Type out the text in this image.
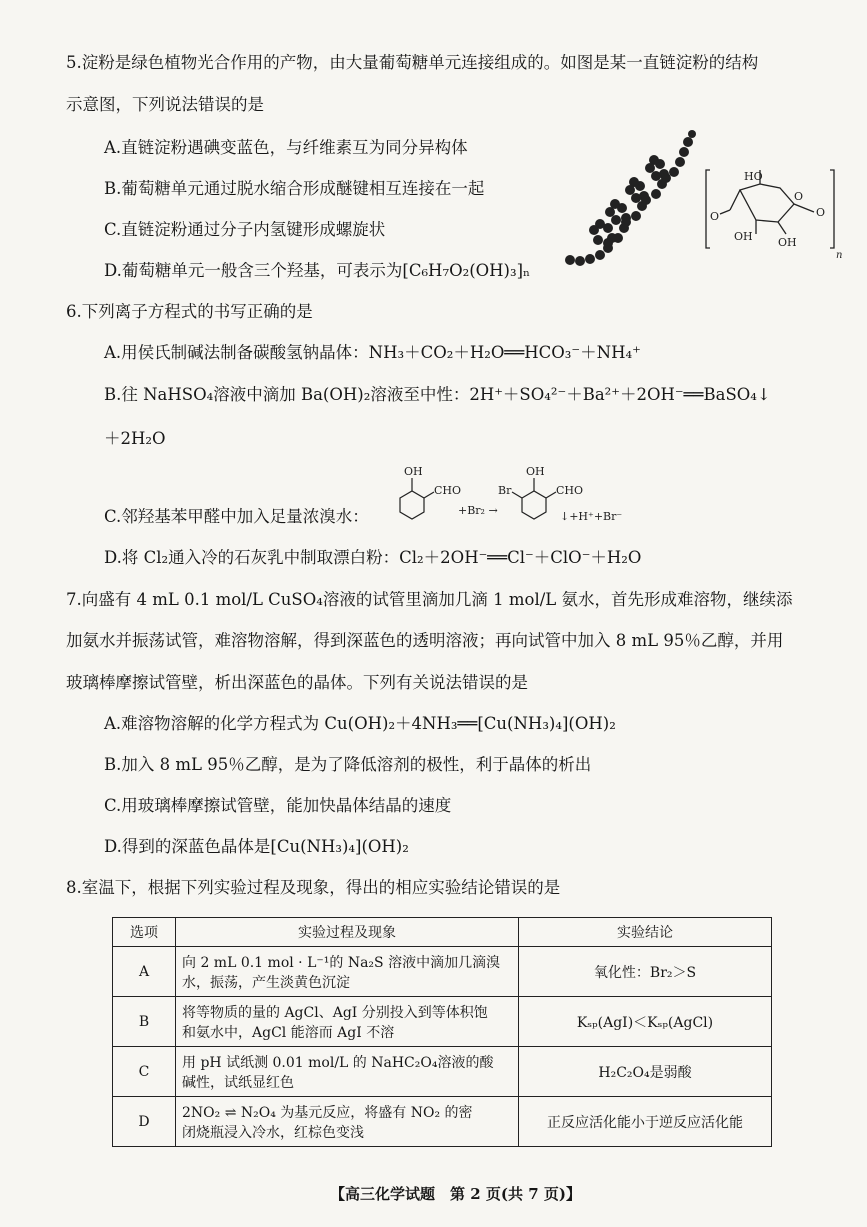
5.淀粉是绿色植物光合作用的产物，由大量葡萄糖单元连接组成的。如图是某一直链淀粉的结构
示意图，下列说法错误的是
A.直链淀粉遇碘变蓝色，与纤维素互为同分异构体
B.葡萄糖单元通过脱水缩合形成醚键相互连接在一起
C.直链淀粉通过分子内氢键形成螺旋状
D.葡萄糖单元一般含三个羟基，可表示为[C₆H₇O₂(OH)₃]ₙ
HO
O
OH OH
O
O
n
6.下列离子方程式的书写正确的是
A.用侯氏制碱法制备碳酸氢钠晶体：NH₃＋CO₂＋H₂O══HCO₃⁻＋NH₄⁺
B.往 NaHSO₄溶液中滴加 Ba(OH)₂溶液至中性：2H⁺＋SO₄²⁻＋Ba²⁺＋2OH⁻══BaSO₄↓
＋2H₂O
C.邻羟基苯甲醛中加入足量浓溴水：
OH
CHO
+Br₂ →
Br
OH
CHO
↓+H⁺+Br⁻
D.将 Cl₂通入冷的石灰乳中制取漂白粉：Cl₂＋2OH⁻══Cl⁻＋ClO⁻＋H₂O
7.向盛有 4 mL 0.1 mol/L CuSO₄溶液的试管里滴加几滴 1 mol/L 氨水，首先形成难溶物，继续添
加氨水并振荡试管，难溶物溶解，得到深蓝色的透明溶液；再向试管中加入 8 mL 95％乙醇，并用
玻璃棒摩擦试管壁，析出深蓝色的晶体。下列有关说法错误的是
A.难溶物溶解的化学方程式为 Cu(OH)₂＋4NH₃══[Cu(NH₃)₄](OH)₂
B.加入 8 mL 95％乙醇，是为了降低溶剂的极性，利于晶体的析出
C.用玻璃棒摩擦试管壁，能加快晶体结晶的速度
D.得到的深蓝色晶体是[Cu(NH₃)₄](OH)₂
8.室温下，根据下列实验过程及现象，得出的相应实验结论错误的是
选项	实验过程及现象	实验结论
A	向 2 mL 0.1 mol · L⁻¹的 Na₂S 溶液中滴加几滴溴
水，振荡，产生淡黄色沉淀	氧化性：Br₂＞S
B	将等物质的量的 AgCl、AgI 分别投入到等体积饱
和氨水中，AgCl 能溶而 AgI 不溶	Kₛₚ(AgI)＜Kₛₚ(AgCl)
C	用 pH 试纸测 0.01 mol/L 的 NaHC₂O₄溶液的酸
碱性，试纸显红色	H₂C₂O₄是弱酸
D	2NO₂ ⇌ N₂O₄ 为基元反应，将盛有 NO₂ 的密
闭烧瓶浸入冷水，红棕色变浅	正反应活化能小于逆反应活化能
【高三化学试题　第 2 页(共 7 页)】
